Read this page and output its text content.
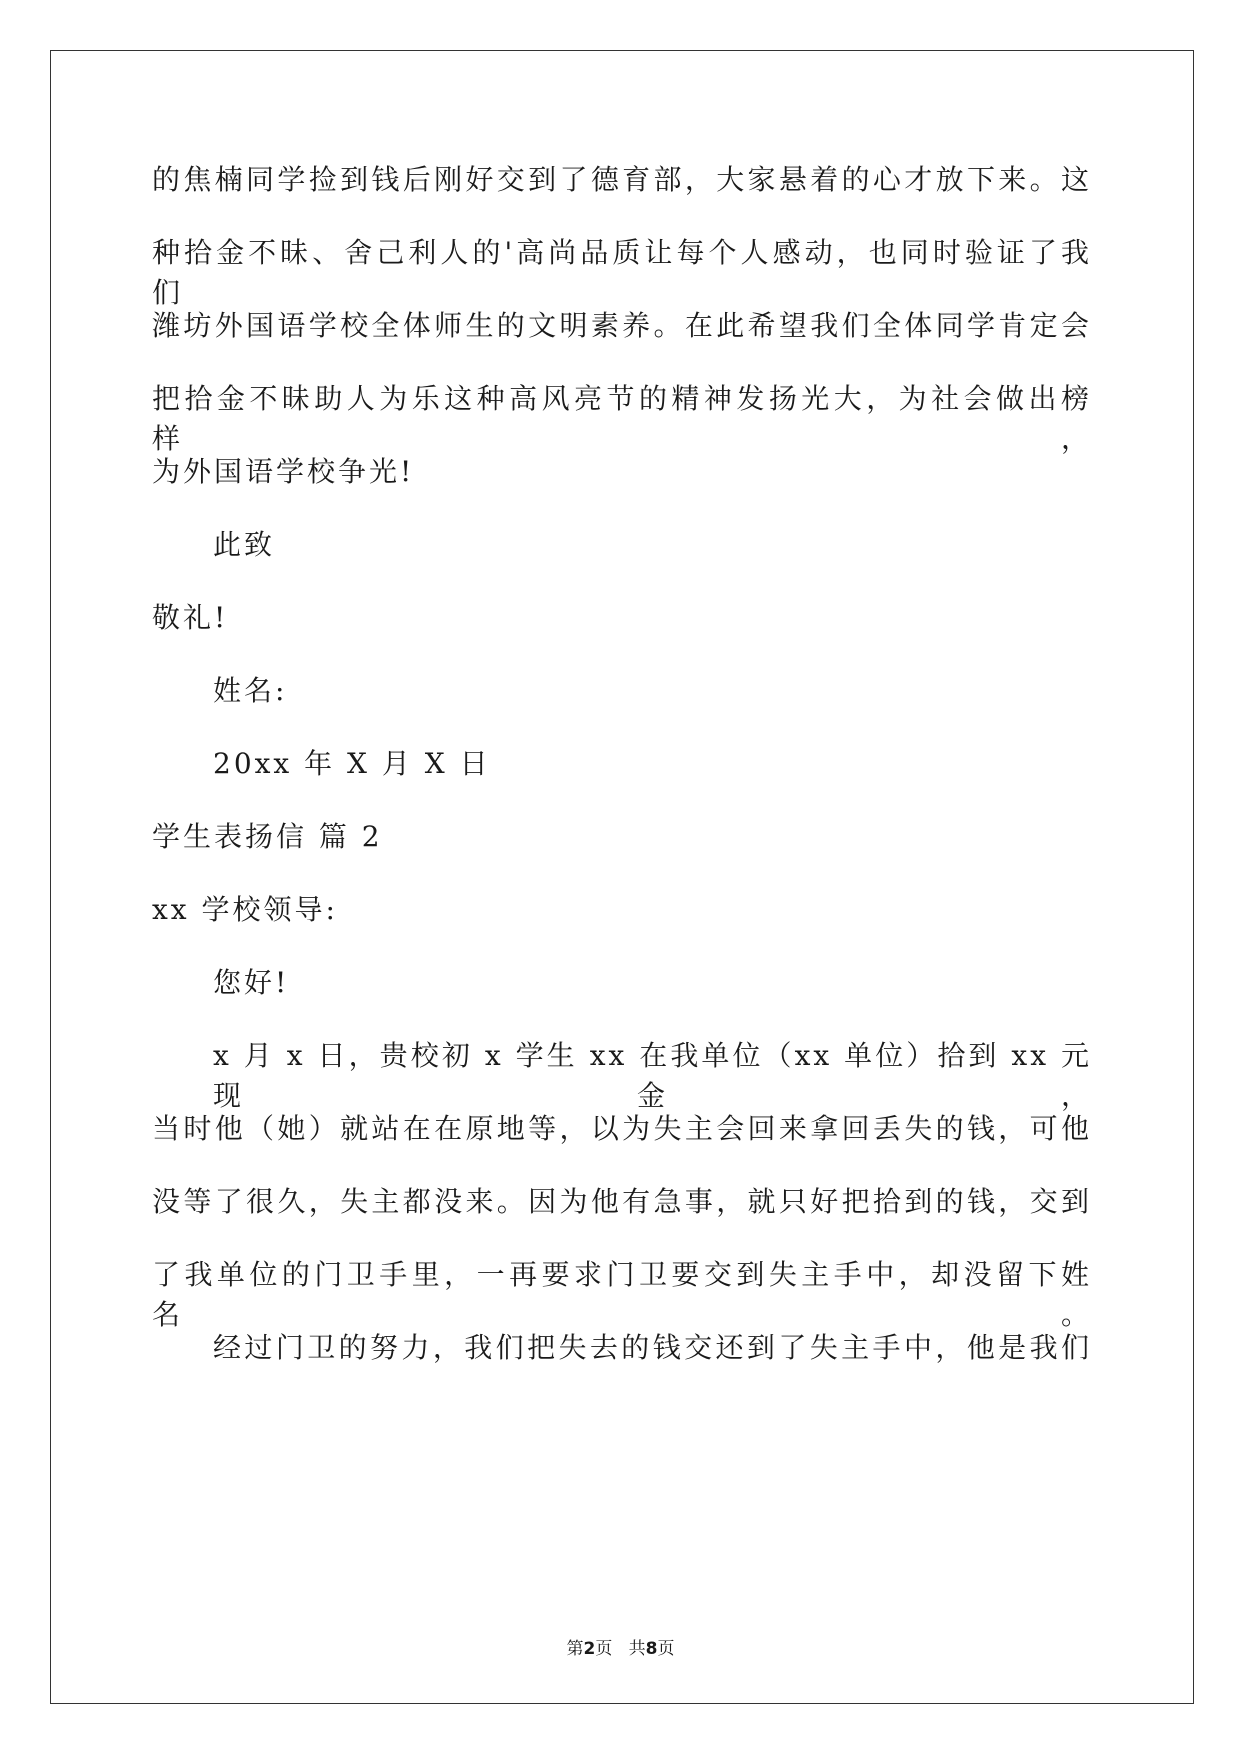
的焦楠同学捡到钱后刚好交到了德育部，大家悬着的心才放下来。这
种拾金不昧、舍己利人的'高尚品质让每个人感动，也同时验证了我们
潍坊外国语学校全体师生的文明素养。在此希望我们全体同学肯定会
把拾金不昧助人为乐这种高风亮节的精神发扬光大，为社会做出榜样，
为外国语学校争光!
此致
敬礼!
姓名:
20xx 年 X 月 X 日
学生表扬信 篇 2
xx 学校领导:
您好!
x 月 x 日，贵校初 x 学生 xx 在我单位（xx 单位）拾到 xx 元现金，
当时他（她）就站在在原地等，以为失主会回来拿回丢失的钱，可他
没等了很久，失主都没来。因为他有急事，就只好把拾到的钱，交到
了我单位的门卫手里，一再要求门卫要交到失主手中，却没留下姓名。
经过门卫的努力，我们把失去的钱交还到了失主手中，他是我们
第2页   共8页
